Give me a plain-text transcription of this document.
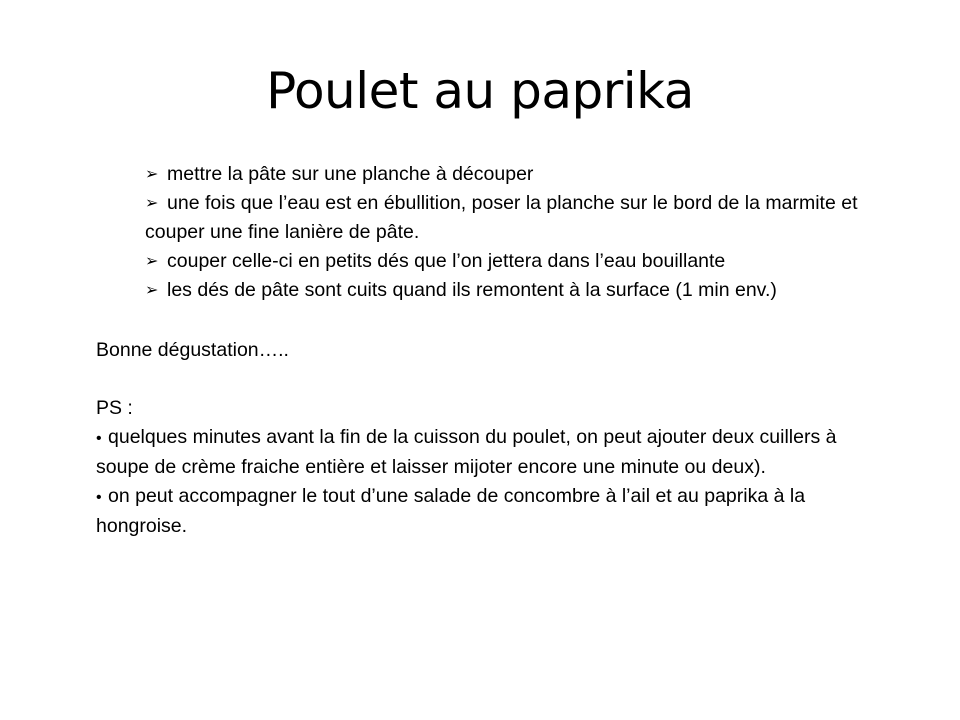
Poulet au paprika
➢ mettre la pâte sur une planche à découper
➢ une fois que l’eau est en ébullition, poser la planche sur le bord de la marmite et couper une fine lanière de pâte.
➢ couper celle-ci en petits dés que l’on jettera dans l’eau bouillante
➢ les dés de pâte sont cuits quand ils remontent à la surface (1 min env.)

Bonne dégustation…..

PS :

• quelques minutes avant la fin de la cuisson du poulet, on peut ajouter deux cuillers à soupe de crème fraiche entière et laisser mijoter encore une minute ou deux).
• on peut accompagner le tout d’une salade de concombre à l’ail et au paprika à la hongroise.
